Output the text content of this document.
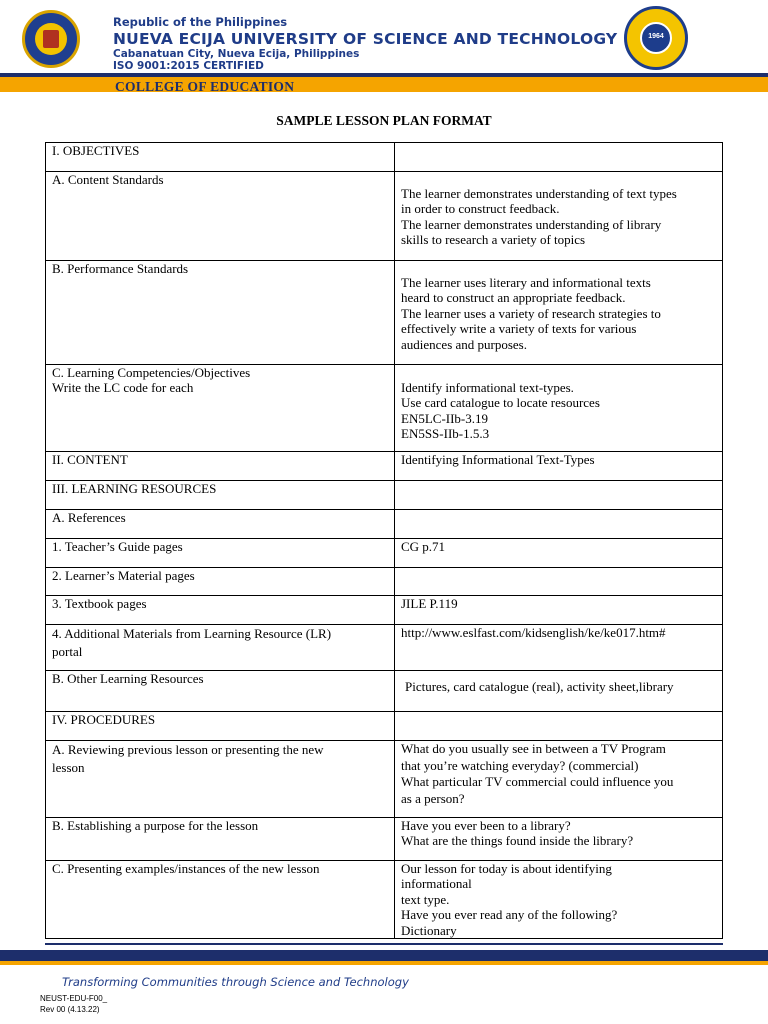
Republic of the Philippines
NUEVA ECIJA UNIVERSITY OF SCIENCE AND TECHNOLOGY
Cabanatuan City, Nueva Ecija, Philippines
ISO 9001:2015 CERTIFIED
1964
COLLEGE OF EDUCATION
SAMPLE LESSON PLAN FORMAT
I. OBJECTIVES	

A. Content Standards	The learner demonstrates understanding of text types
in order to construct feedback.
The learner demonstrates understanding of library
skills to research a variety of topics

B. Performance Standards	The learner uses literary and informational texts
heard to construct an appropriate feedback.
The learner uses a variety of research strategies to
effectively write a variety of texts for various
audiences and purposes.

C. Learning Competencies/Objectives
Write the LC code for each	Identify informational text-types.
Use card catalogue to locate resources
EN5LC-IIb-3.19
EN5SS-IIb-1.5.3

II. CONTENT	Identifying Informational Text-Types

III. LEARNING RESOURCES	

A. References	

1. Teacher’s Guide pages	CG p.71

2. Learner’s Material pages	

3. Textbook pages	JILE P.119

4. Additional Materials from Learning Resource (LR)
portal	http://www.eslfast.com/kidsenglish/ke/ke017.htm#

B. Other Learning Resources	Pictures, card catalogue (real), activity sheet,library

IV. PROCEDURES	

A. Reviewing previous lesson or presenting the new
lesson	What do you usually see in between a TV Program
that you’re watching everyday? (commercial)
What particular TV commercial could influence you
as a person?

B. Establishing a purpose for the lesson	Have you ever been to a library?
What are the things found inside the library?

C. Presenting examples/instances of the new lesson	Our lesson for today is about identifying
informational
text type.
Have you ever read any of the following?
Dictionary
Transforming Communities through Science and Technology
NEUST-EDU-F00_
Rev 00 (4.13.22)
